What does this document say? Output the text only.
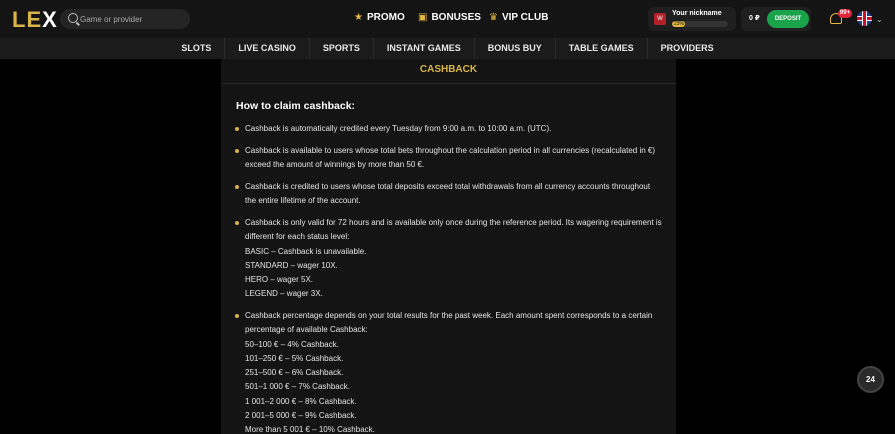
LEX
Game or provider	★ PROMO ▣ BONUSES ♛ VIP CLUB	W
Your nickname
23%
0 ₽	DEPOSIT
99+
⌄
SLOTS	LIVE CASINO	SPORTS	INSTANT GAMES	BONUS BUY	TABLE GAMES	PROVIDERS
CASHBACK
How to claim cashback:
Cashback is automatically credited every Tuesday from 9:00 a.m. to 10:00 a.m. (UTC).
Cashback is available to users whose total bets throughout the calculation period in all currencies (recalculated in €)
exceed the amount of winnings by more than 50 €.
Cashback is credited to users whose total deposits exceed total withdrawals from all currency accounts throughout
the entire lifetime of the account.
Cashback is only valid for 72 hours and is available only once during the reference period. Its wagering requirement is
different for each status level:
BASIC – Cashback is unavailable.
STANDARD – wager 10X.
HERO – wager 5X.
LEGEND – wager 3X.
Cashback percentage depends on your total results for the past week. Each amount spent corresponds to a certain
percentage of available Cashback:
50–100 € – 4% Cashback.
101–250 € – 5% Cashback.
251–500 € – 6% Cashback.
501–1 000 € – 7% Cashback.
1 001–2 000 € – 8% Cashback.
2 001–5 000 € – 9% Cashback.
More than 5 001 € – 10% Cashback.
24
